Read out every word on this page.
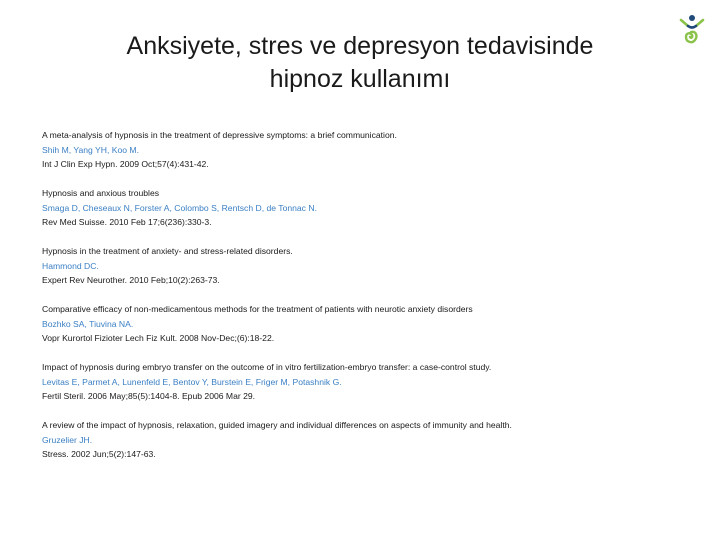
Anksiyete, stres ve depresyon tedavisinde
hipnoz kullanımı
A meta-analysis of hypnosis in the treatment of depressive symptoms: a brief communication.
Shih M, Yang YH, Koo M.
Int J Clin Exp Hypn. 2009 Oct;57(4):431-42.
Hypnosis and anxious troubles
Smaga D, Cheseaux N, Forster A, Colombo S, Rentsch D, de Tonnac N.
Rev Med Suisse. 2010 Feb 17;6(236):330-3.
Hypnosis in the treatment of anxiety- and stress-related disorders.
Hammond DC.
Expert Rev Neurother. 2010 Feb;10(2):263-73.
Comparative efficacy of non-medicamentous methods for the treatment of patients with neurotic anxiety disorders
Bozhko SA, Tiuvina NA.
Vopr Kurortol Fizioter Lech Fiz Kult. 2008 Nov-Dec;(6):18-22.
Impact of hypnosis during embryo transfer on the outcome of in vitro fertilization-embryo transfer: a case-control study.
Levitas E, Parmet A, Lunenfeld E, Bentov Y, Burstein E, Friger M, Potashnik G.
Fertil Steril. 2006 May;85(5):1404-8. Epub 2006 Mar 29.
A review of the impact of hypnosis, relaxation, guided imagery and individual differences on aspects of immunity and health.
Gruzelier JH.
Stress. 2002 Jun;5(2):147-63.
